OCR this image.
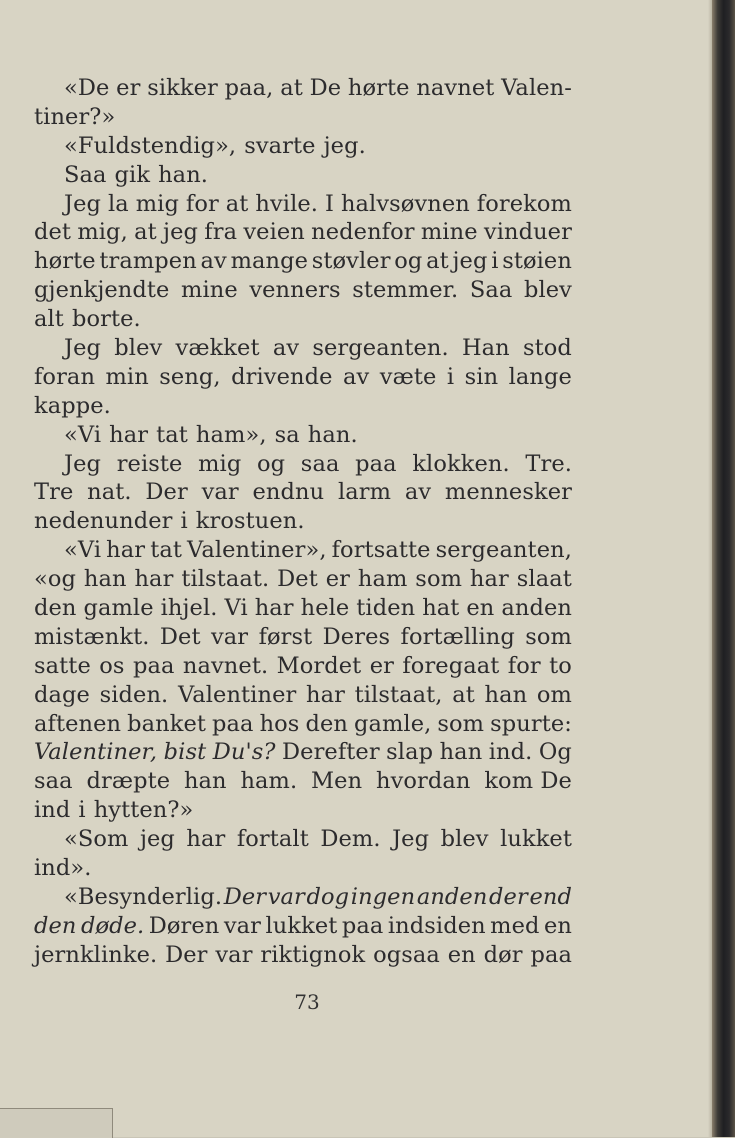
«De er sikker paa, at De hørte navnet Valen-
tiner?»
«Fuldstendig», svarte jeg.
Saa gik han.
Jeg la mig for at hvile. I halvsøvnen forekom
det mig, at jeg fra veien nedenfor mine vinduer
hørte trampen av mange støvler og at jeg i støien
gjenkjendte mine venners stemmer. Saa blev
alt borte.
Jeg blev vækket av sergeanten. Han stod
foran min seng, drivende av væte i sin lange
kappe.
«Vi har tat ham», sa han.
Jeg reiste mig og saa paa klokken. Tre.
Tre nat. Der var endnu larm av mennesker
nedenunder i krostuen.
«Vi har tat Valentiner», fortsatte sergeanten,
«og han har tilstaat. Det er ham som har slaat
den gamle ihjel. Vi har hele tiden hat en anden
mistænkt. Det var først Deres fortælling som
satte os paa navnet. Mordet er foregaat for to
dage siden. Valentiner har tilstaat, at han om
aftenen banket paa hos den gamle, som spurte:
Valentiner, bist Du's? Derefter slap han ind. Og
saa dræpte han ham. Men hvordan kom De
ind i hytten?»
«Som jeg har fortalt Dem. Jeg blev lukket
ind».
«Besynderlig. Der var dog ingen anden der end
den døde. Døren var lukket paa indsiden med en
jernklinke. Der var riktignok ogsaa en dør paa
73
